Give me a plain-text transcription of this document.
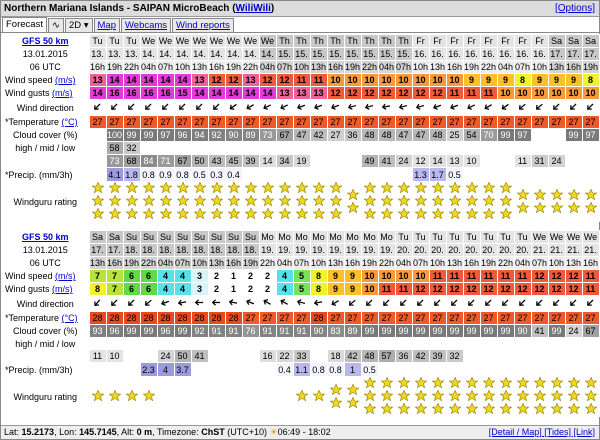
Northern Mariana Islands - SAIPAN MicroBeach (WiliWili)	[Options]
Forecast ∿ 2D ▾ Map Webcams Wind reports
GFS 50 km	Tu	Tu	Tu	We	We	We	We	We	We	We	We	Th	Th	Th	Th	Th	Th	Th	Th	Fr	Fr	Fr	Fr	Fr	Fr	Fr	Fr	Sa	Sa	Sa	
13.01.2015	13.	13.	13.	14.	14.	14.	14.	14.	14.	14.	14.	15.	15.	15.	15.	15.	15.	15.	15.	16.	16.	16.	16.	16.	16.	16.	16.	17.	17.	17.	
06 UTC	16h	19h	22h	04h	07h	10h	13h	16h	19h	22h	04h	07h	10h	13h	16h	19h	22h	04h	07h	10h	13h	16h	19h	22h	04h	07h	10h	13h	16h	19h	
Wind speed (m/s)	13	14	14	14	14	14	13	12	12	13	12	12	11	11	10	10	10	10	10	10	10	10	9	9	9	8	9	9	9	8	
Wind gusts (m/s)	14	16	16	16	16	15	14	14	14	14	14	13	13	13	12	12	12	12	12	12	12	11	11	11	10	10	10	10	10	10	
Wind direction																														
*Temperature (°C)	27	27	27	27	27	27	27	27	27	27	27	27	27	27	27	27	27	27	27	27	27	27	27	27	27	27	27	27	27	27	
Cloud cover (%)		100	99	99	97	96	94	92	90	89	73	67	47	42	27	36	48	48	47	47	48	25	54	70	99	97			99	97	
high / mid / low		58	32																												
		73	68	84	71	67	50	43	45	39	14	34	19				49	41	24	12	14	13	10			11	31	24			
*Precip. (mm/3h)		4.1	1.8	0.8	0.9	0.8	0.5	0.3	0.4											1.3	1.7	0.5									
Windguru rating																														
GFS 50 km	Sa	Sa	Su	Su	Su	Su	Su	Su	Su	Su	Mo	Mo	Mo	Mo	Mo	Mo	Mo	Mo	Tu	Tu	Tu	Tu	Tu	Tu	Tu	Tu	We	We	We	We
13.01.2015	17.	17.	18.	18.	18.	18.	18.	18.	18.	18.	19.	19.	19.	19.	19.	19.	19.	19.	20.	20.	20.	20.	20.	20.	20.	20.	21.	21.	21.	21.
06 UTC	13h	16h	19h	22h	04h	07h	10h	13h	16h	19h	22h	04h	07h	10h	13h	16h	19h	22h	04h	07h	10h	13h	16h	19h	22h	04h	07h	10h	13h	16h
Wind speed (m/s)	7	7	6	6	4	4	3	2	1	2	2	4	5	8	9	9	10	10	10	10	11	11	11	11	11	11	12	12	12	11
Wind gusts (m/s)	8	7	6	6	4	4	3	2	1	2	2	4	5	8	9	9	10	11	11	12	12	12	12	12	12	12	12	12	12	11
Wind direction																														
*Temperature (°C)	28	28	28	28	28	28	28	28	28	27	27	27	27	28	27	27	27	27	27	27	27	27	27	27	27	27	27	27	27	27
Cloud cover (%)	93	96	99	99	96	99	92	91	91	76	91	91	91	90	83	89	99	99	99	99	99	99	99	99	99	90	41	99	24	67
high / mid / low																														
	11	10			24	50	41				16	22	33		18	42	48	57	36	42	39	32								
*Precip. (mm/3h)				2.3	4	3.7						0.4	1.1	0.8	0.8	1	0.5													
Windguru rating																														
Lat: 15.2173, Lon: 145.7145, Alt: 0 m, Timezone: ChST (UTC+10) ☀06:49 - 18:02	[Detail / Map] [Tides] [Link]
